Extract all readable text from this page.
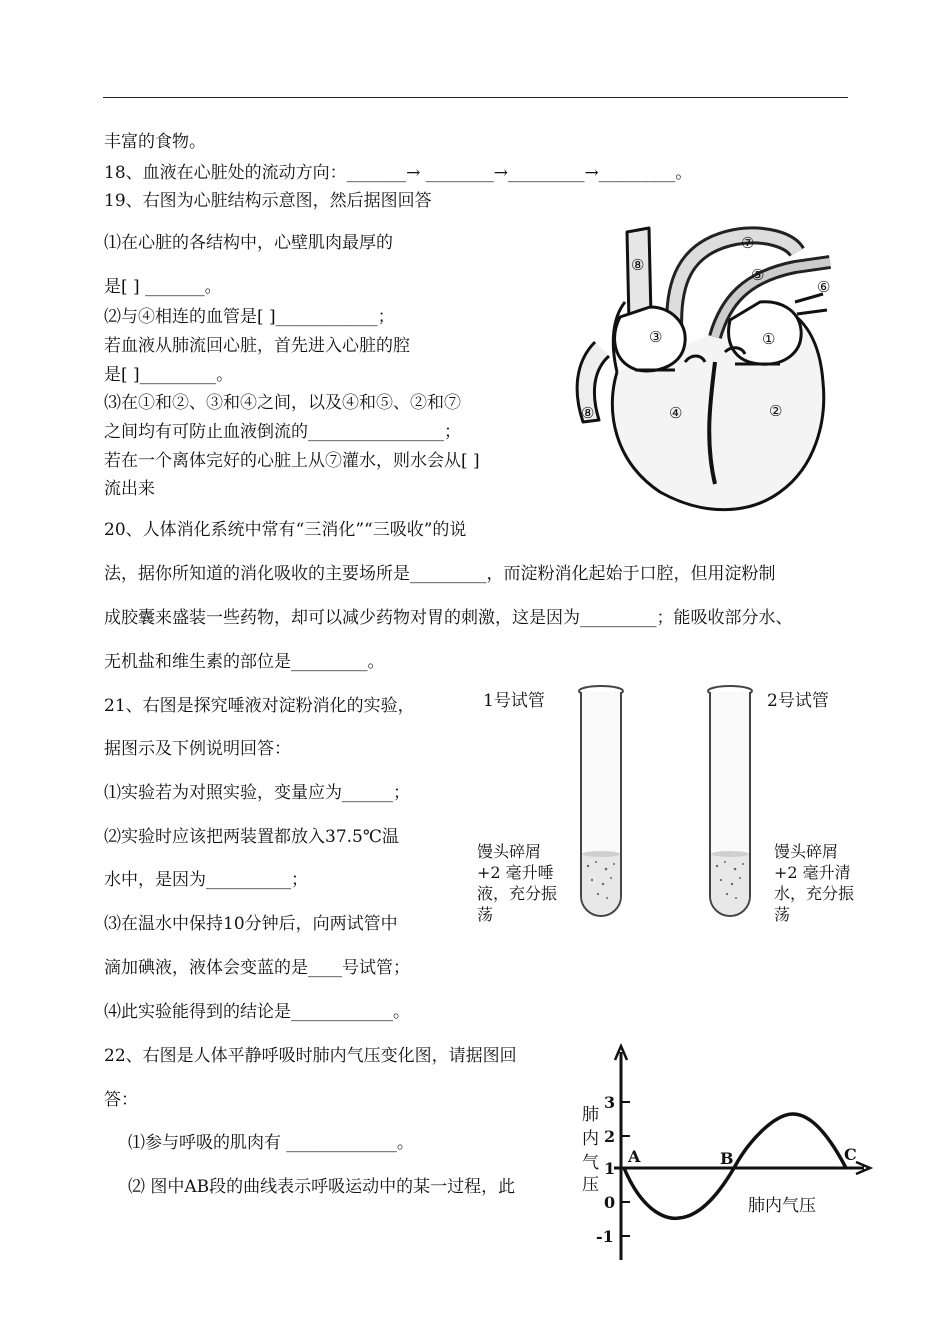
丰富的食物。
18、血液在心脏处的流动方向：_______→ ________→_________→_________。
19、右图为心脏结构示意图，然后据图回答
⑴在心脏的各结构中，心壁肌肉最厚的
是[ ] _______。
⑵与④相连的血管是[ ]____________；
若血液从肺流回心脏，首先进入心脏的腔
是[ ]_________。
⑶在①和②、③和④之间，以及④和⑤、②和⑦
之间均有可防止血液倒流的________________；
若在一个离体完好的心脏上从⑦灌水，则水会从[ ]
流出来
20、人体消化系统中常有“三消化”“三吸收”的说
法，据你所知道的消化吸收的主要场所是_________，而淀粉消化起始于口腔，但用淀粉制
成胶囊来盛装一些药物，却可以减少药物对胃的刺激，这是因为_________；能吸收部分水、
无机盐和维生素的部位是_________。
21、右图是探究唾液对淀粉消化的实验，
据图示及下例说明回答：
⑴实验若为对照实验，变量应为______；
⑵实验时应该把两装置都放入37.5℃温
水中，是因为__________；
⑶在温水中保持10分钟后，向两试管中
滴加碘液，液体会变蓝的是____号试管；
⑷此实验能得到的结论是____________。
22、右图是人体平静呼吸时肺内气压变化图，请据图回
答：
⑴参与呼吸的肌肉有 _____________。
⑵ 图中AB段的曲线表示呼吸运动中的某一过程，此
⑦
⑧
⑤
⑥
③	①
⑧	④	②
1号试管	2号试管
馒头碎屑
+2 毫升唾
液，充分振
荡
馒头碎屑
+2 毫升清
水，充分振
荡
3
2
1
0
-1
A	B	C
肺
内
气
压
肺内气压
